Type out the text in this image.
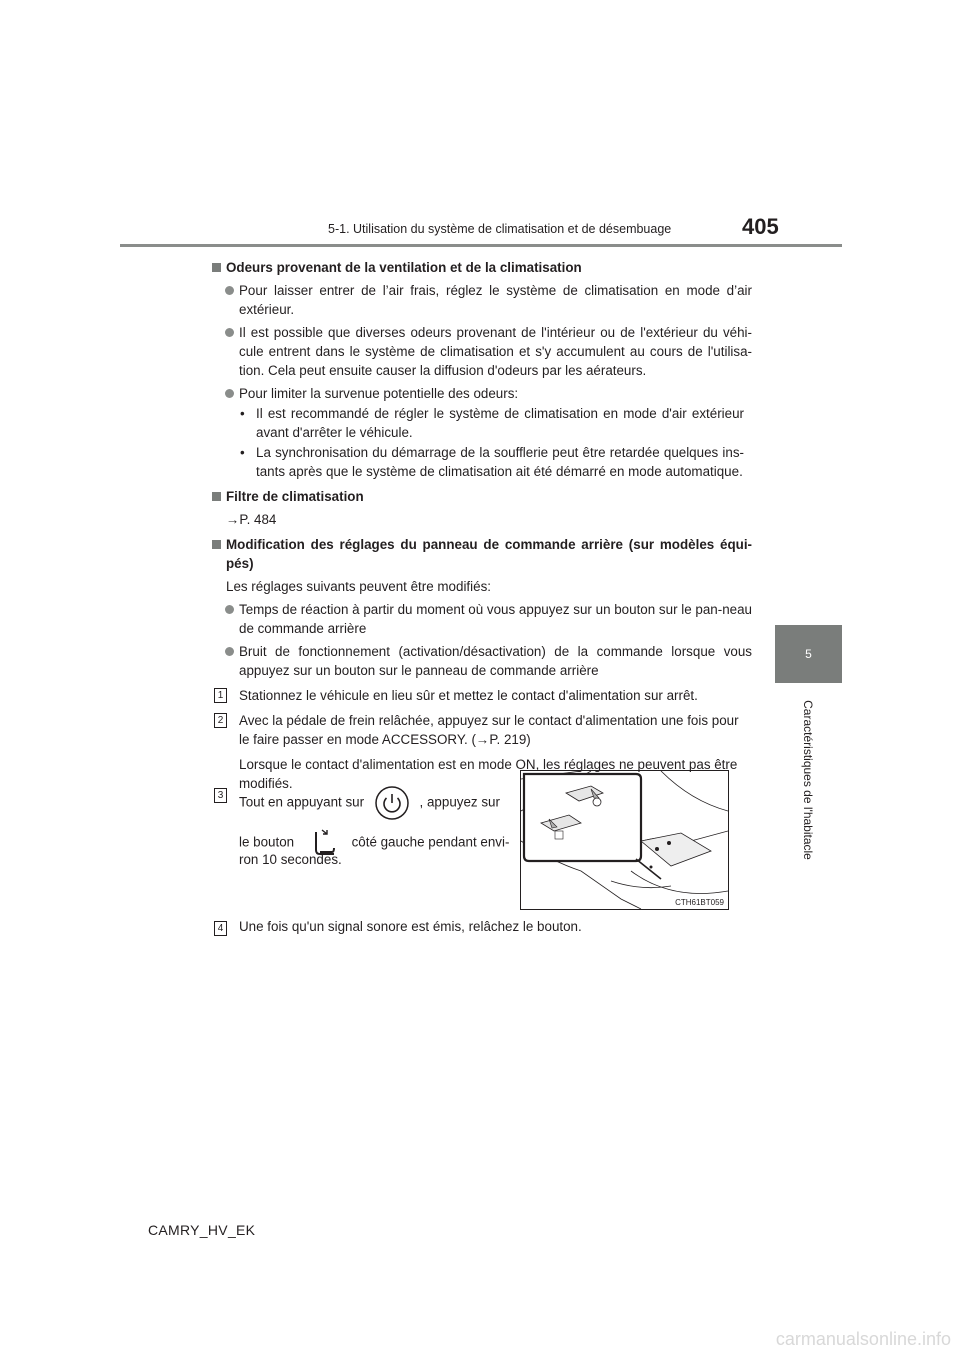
5-1. Utilisation du système de climatisation et de désembuage	405
5
Caractéristiques de l'habitacle
Odeurs provenant de la ventilation et de la climatisation
Pour laisser entrer de l’air frais, réglez le système de climatisation en mode d’air extérieur.
Il est possible que diverses odeurs provenant de l'intérieur ou de l'extérieur du véhi-cule entrent dans le système de climatisation et s'y accumulent au cours de l'utilisa-tion. Cela peut ensuite causer la diffusion d'odeurs par les aérateurs.
Pour limiter la survenue potentielle des odeurs:
• Il est recommandé de régler le système de climatisation en mode d'air extérieur avant d'arrêter le véhicule.
• La synchronisation du démarrage de la soufflerie peut être retardée quelques ins-tants après que le système de climatisation ait été démarré en mode automatique.
Filtre de climatisation
→P. 484
Modification des réglages du panneau de commande arrière (sur modèles équi-pés)
Les réglages suivants peuvent être modifiés:
Temps de réaction à partir du moment où vous appuyez sur un bouton sur le pan-neau de commande arrière
Bruit de fonctionnement (activation/désactivation) de la commande lorsque vous appuyez sur un bouton sur le panneau de commande arrière
1 Stationnez le véhicule en lieu sûr et mettez le contact d'alimentation sur arrêt.
2 Avec la pédale de frein relâchée, appuyez sur le contact d'alimentation une fois pour le faire passer en mode ACCESSORY. (→P. 219)
Lorsque le contact d'alimentation est en mode ON, les réglages ne peuvent pas être modifiés.
3 Tout en appuyant sur	, appuyez sur
le bouton	côté gauche pendant envi-
ron 10 secondes.
CTH61BT059
4 Une fois qu'un signal sonore est émis, relâchez le bouton.
CAMRY_HV_EK
carmanualsonline.info
